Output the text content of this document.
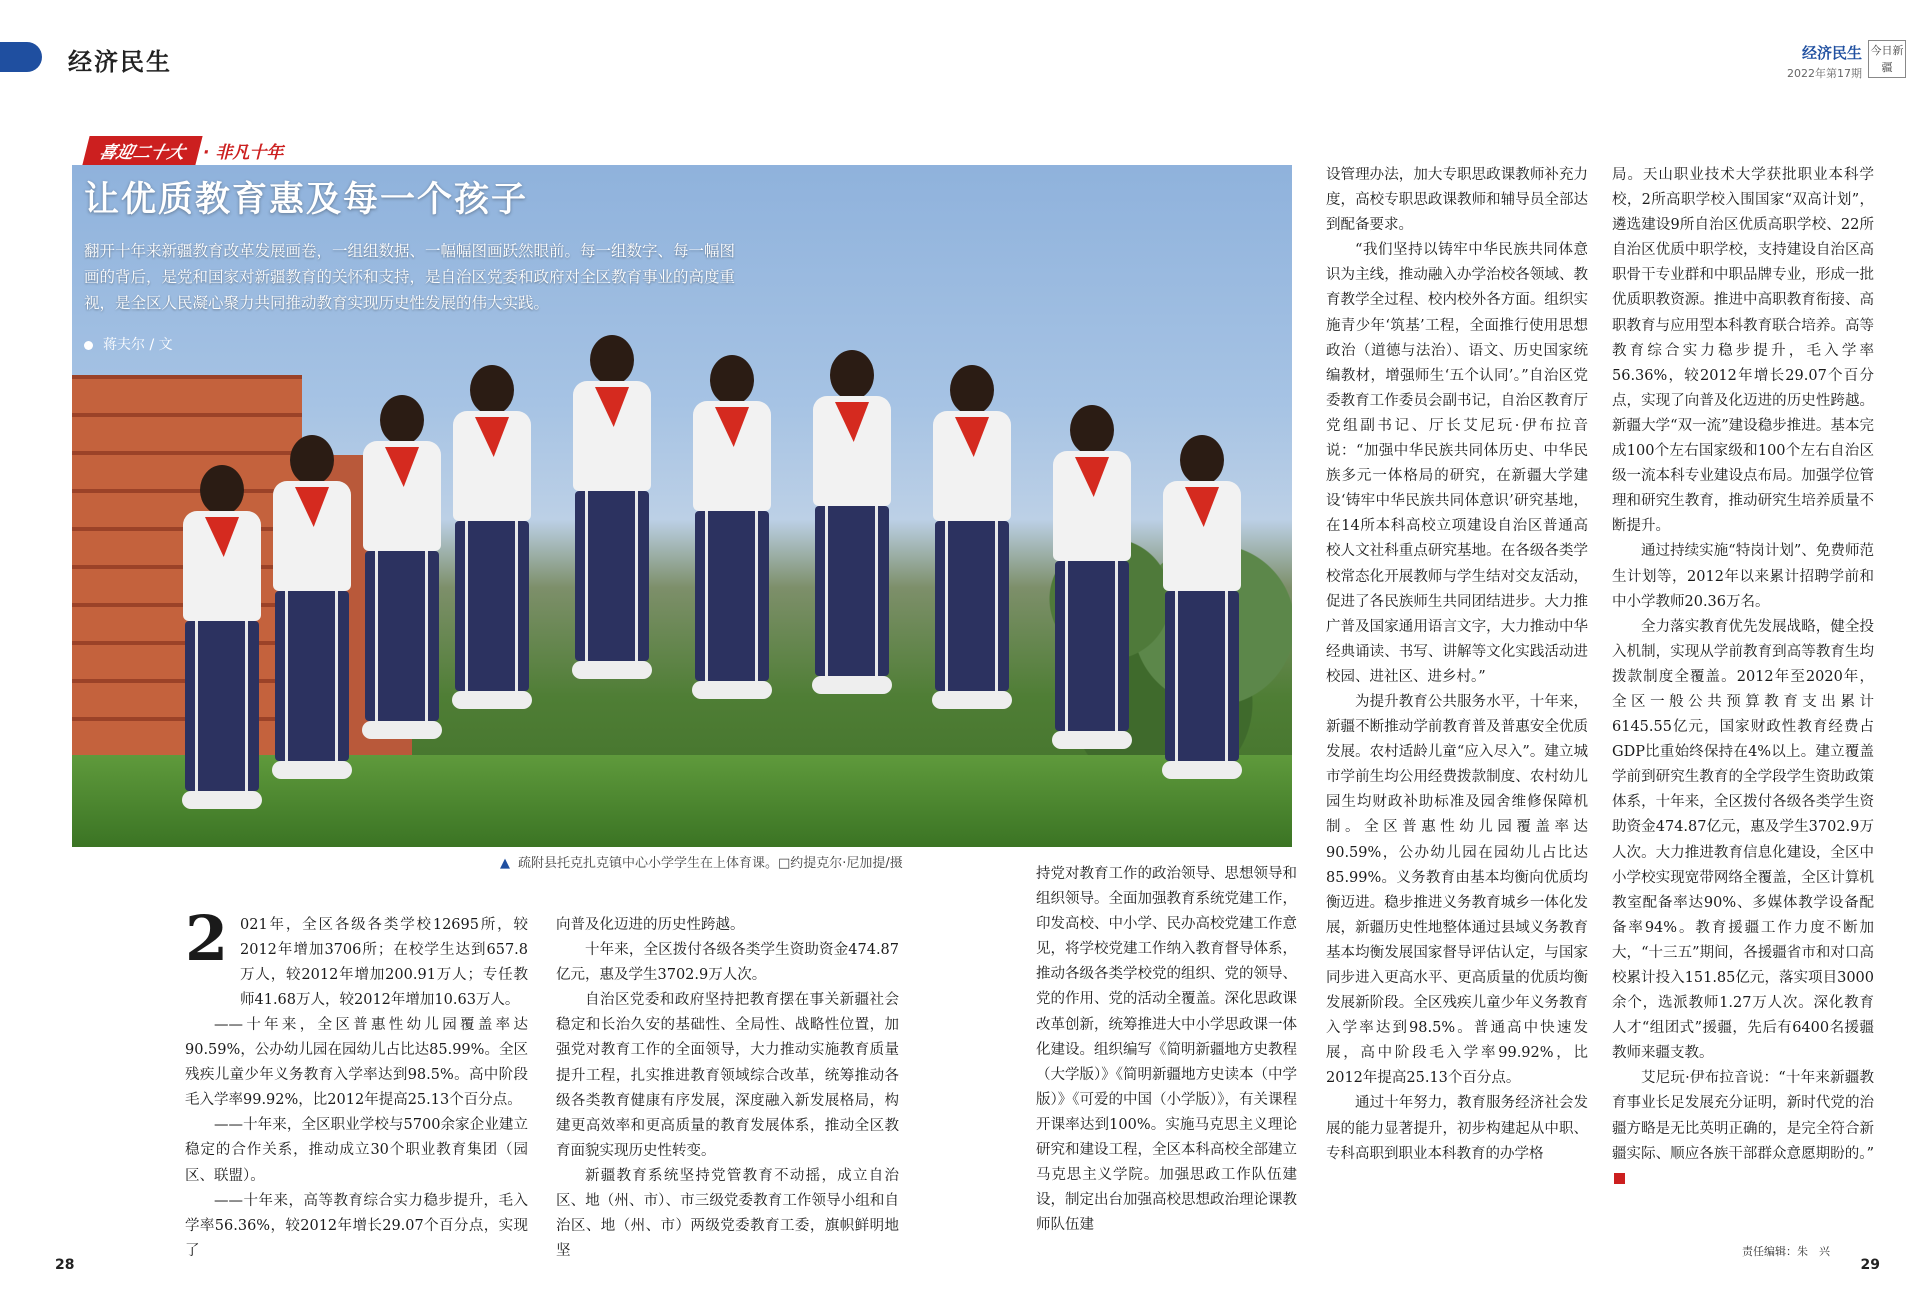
经济民生	经济民生
2022年第17期
今日新疆
喜迎二十大 · 非凡十年
让优质教育惠及每一个孩子
翻开十年来新疆教育改革发展画卷，一组组数据、一幅幅图画跃然眼前。每一组数字、每一幅图画的背后，是党和国家对新疆教育的关怀和支持，是自治区党委和政府对全区教育事业的高度重视，是全区人民凝心聚力共同推动教育实现历史性发展的伟大实践。
蒋夫尔 / 文
▲ 疏附县托克扎克镇中心小学学生在上体育课。□约提克尔·尼加提/摄
2 021年，全区各级各类学校12695所，较2012年增加3706所；在校学生达到657.8万人，较2012年增加200.91万人；专任教师41.68万人，较2012年增加10.63万人。

——十年来，全区普惠性幼儿园覆盖率达90.59%，公办幼儿园在园幼儿占比达85.99%。全区残疾儿童少年义务教育入学率达到98.5%。高中阶段毛入学率99.92%，比2012年提高25.13个百分点。

——十年来，全区职业学校与5700余家企业建立稳定的合作关系，推动成立30个职业教育集团（园区、联盟）。

——十年来，高等教育综合实力稳步提升，毛入学率56.36%，较2012年增长29.07个百分点，实现了

向普及化迈进的历史性跨越。

十年来，全区拨付各级各类学生资助资金474.87亿元，惠及学生3702.9万人次。

自治区党委和政府坚持把教育摆在事关新疆社会稳定和长治久安的基础性、全局性、战略性位置，加强党对教育工作的全面领导，大力推动实施教育质量提升工程，扎实推进教育领域综合改革，统筹推动各级各类教育健康有序发展，深度融入新发展格局，构建更高效率和更高质量的教育发展体系，推动全区教育面貌实现历史性转变。

新疆教育系统坚持党管教育不动摇，成立自治区、地（州、市）、市三级党委教育工作领导小组和自治区、地（州、市）两级党委教育工委，旗帜鲜明地坚

持党对教育工作的政治领导、思想领导和组织领导。全面加强教育系统党建工作，印发高校、中小学、民办高校党建工作意见，将学校党建工作纳入教育督导体系，推动各级各类学校党的组织、党的领导、党的作用、党的活动全覆盖。深化思政课改革创新，统筹推进大中小学思政课一体化建设。组织编写《简明新疆地方史教程（大学版）》《简明新疆地方史读本（中学版）》《可爱的中国（小学版）》，有关课程开课率达到100%。实施马克思主义理论研究和建设工程，全区本科高校全部建立马克思主义学院。加强思政工作队伍建设，制定出台加强高校思想政治理论课教师队伍建

设管理办法，加大专职思政课教师补充力度，高校专职思政课教师和辅导员全部达到配备要求。

“我们坚持以铸牢中华民族共同体意识为主线，推动融入办学治校各领域、教育教学全过程、校内校外各方面。组织实施青少年‘筑基’工程，全面推行使用思想政治（道德与法治）、语文、历史国家统编教材，增强师生‘五个认同’。”自治区党委教育工作委员会副书记，自治区教育厅党组副书记、厅长艾尼玩·伊布拉音说：“加强中华民族共同体历史、中华民族多元一体格局的研究，在新疆大学建设‘铸牢中华民族共同体意识’研究基地，在14所本科高校立项建设自治区普通高校人文社科重点研究基地。在各级各类学校常态化开展教师与学生结对交友活动，促进了各民族师生共同团结进步。大力推广普及国家通用语言文字，大力推动中华经典诵读、书写、讲解等文化实践活动进校园、进社区、进乡村。”

为提升教育公共服务水平，十年来，新疆不断推动学前教育普及普惠安全优质发展。农村适龄儿童“应入尽入”。建立城市学前生均公用经费拨款制度、农村幼儿园生均财政补助标准及园舍维修保障机制。全区普惠性幼儿园覆盖率达90.59%，公办幼儿园在园幼儿占比达85.99%。义务教育由基本均衡向优质均衡迈进。稳步推进义务教育城乡一体化发展，新疆历史性地整体通过县域义务教育基本均衡发展国家督导评估认定，与国家同步进入更高水平、更高质量的优质均衡发展新阶段。全区残疾儿童少年义务教育入学率达到98.5%。普通高中快速发展，高中阶段毛入学率99.92%，比2012年提高25.13个百分点。

通过十年努力，教育服务经济社会发展的能力显著提升，初步构建起从中职、专科高职到职业本科教育的办学格

局。天山职业技术大学获批职业本科学校，2所高职学校入围国家“双高计划”，遴选建设9所自治区优质高职学校、22所自治区优质中职学校，支持建设自治区高职骨干专业群和中职品牌专业，形成一批优质职教资源。推进中高职教育衔接、高职教育与应用型本科教育联合培养。高等教育综合实力稳步提升，毛入学率56.36%，较2012年增长29.07个百分点，实现了向普及化迈进的历史性跨越。新疆大学“双一流”建设稳步推进。基本完成100个左右国家级和100个左右自治区级一流本科专业建设点布局。加强学位管理和研究生教育，推动研究生培养质量不断提升。

通过持续实施“特岗计划”、免费师范生计划等，2012年以来累计招聘学前和中小学教师20.36万名。

全力落实教育优先发展战略，健全投入机制，实现从学前教育到高等教育生均拨款制度全覆盖。2012年至2020年，全区一般公共预算教育支出累计6145.55亿元，国家财政性教育经费占GDP比重始终保持在4%以上。建立覆盖学前到研究生教育的全学段学生资助政策体系，十年来，全区拨付各级各类学生资助资金474.87亿元，惠及学生3702.9万人次。大力推进教育信息化建设，全区中小学校实现宽带网络全覆盖，全区计算机教室配备率达90%、多媒体教学设备配备率94%。教育援疆工作力度不断加大，“十三五”期间，各援疆省市和对口高校累计投入151.85亿元，落实项目3000余个，选派教师1.27万人次。深化教育人才“组团式”援疆，先后有6400名援疆教师来疆支教。

艾尼玩·伊布拉音说：“十年来新疆教育事业长足发展充分证明，新时代党的治疆方略是无比英明正确的，是完全符合新疆实际、顺应各族干部群众意愿期盼的。”

28
责任编辑：朱　兴
29
